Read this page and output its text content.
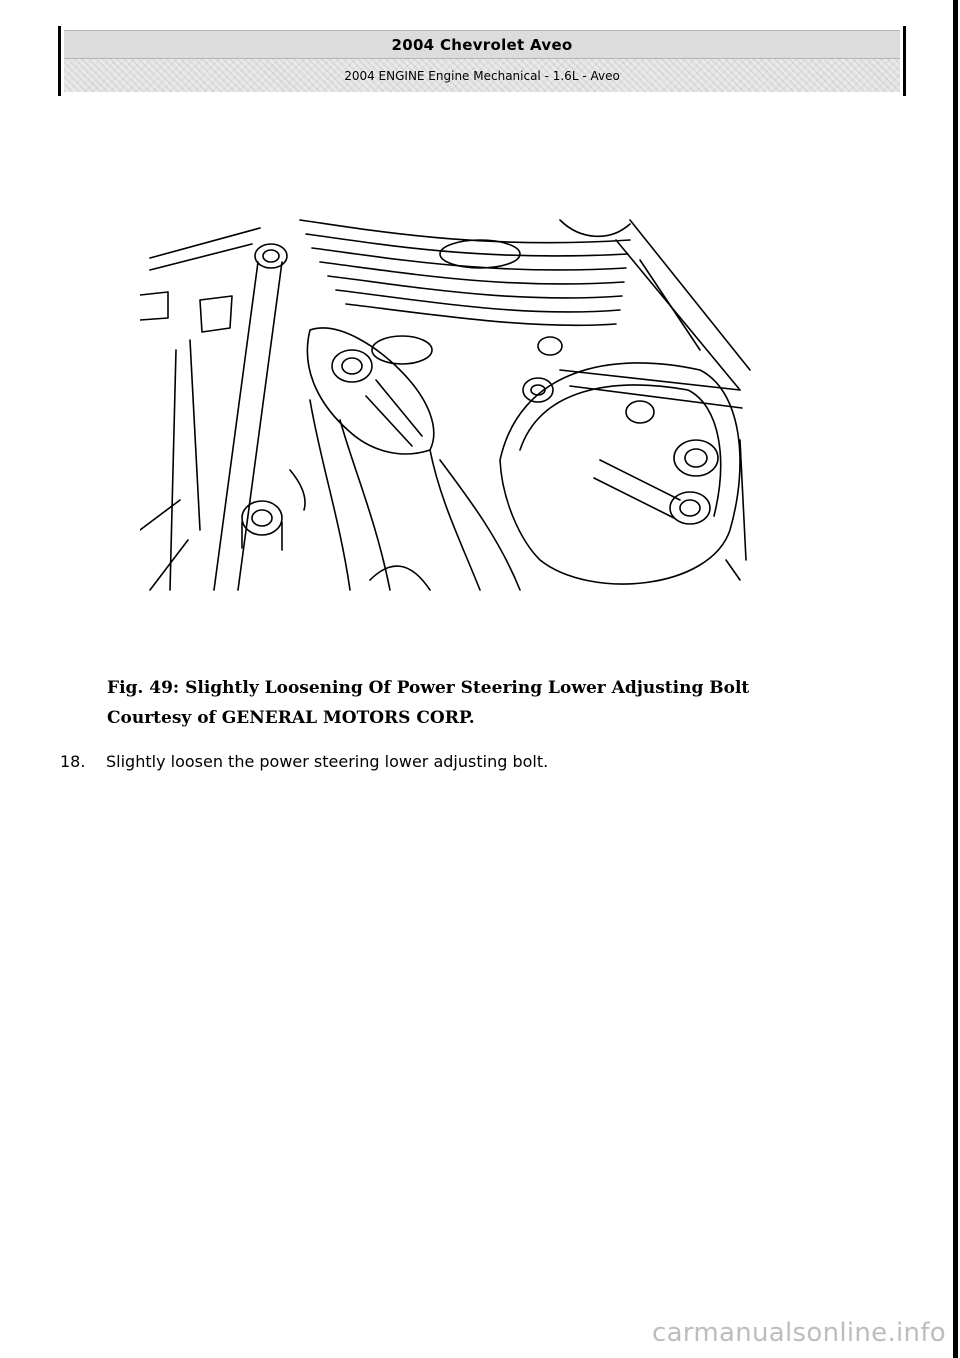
2004 Chevrolet Aveo
2004 ENGINE Engine Mechanical - 1.6L - Aveo
Fig. 49: Slightly Loosening Of Power Steering Lower Adjusting Bolt
Courtesy of GENERAL MOTORS CORP.
18. Slightly loosen the power steering lower adjusting bolt.
carmanualsonline.info
